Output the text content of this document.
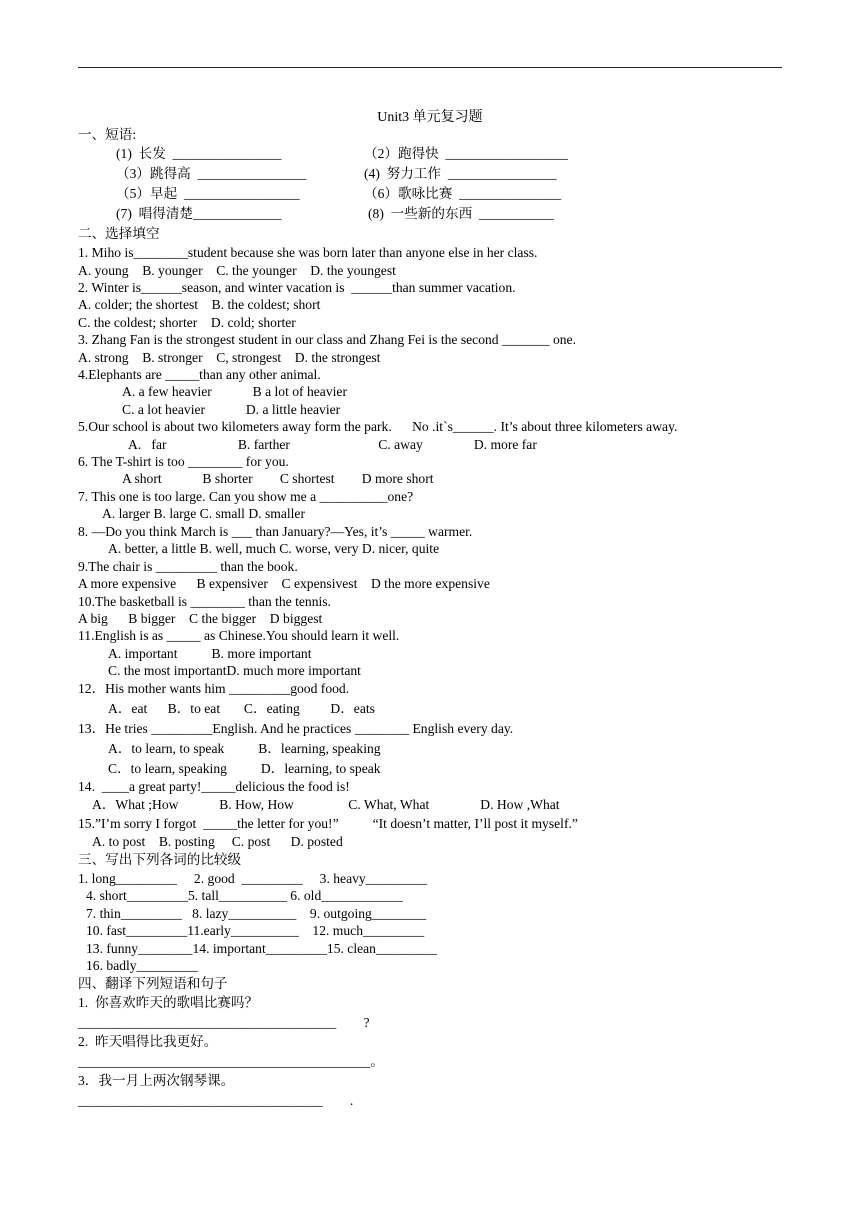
Unit3 单元复习题
一、短语:
(1)  长发  ________________	（2）跑得快  __________________
（3）跳得高  ________________	(4)  努力工作  ________________
（5）早起  _________________	（6）歌咏比赛  _______________
(7)  唱得清楚_____________	(8)  一些新的东西  ___________
二、选择填空
1. Miho is________student because she was born later than anyone else in her class.
A. young    B. younger    C. the younger    D. the youngest
2. Winter is______season, and winter vacation is  ______than summer vacation.
A. colder; the shortest    B. the coldest; short
C. the coldest; shorter    D. cold; shorter
3. Zhang Fan is the strongest student in our class and Zhang Fei is the second _______ one.
A. strong    B. stronger    C, strongest    D. the strongest
4.Elephants are _____than any other animal.
A. a few heavier            B a lot of heavier
C. a lot heavier            D. a little heavier
5.Our school is about two kilometers away form the park.      No .it`s______. It’s about three kilometers away.
A.   far                     B. farther                          C. away               D. more far
6. The T-shirt is too ________ for you.
A short            B shorter        C shortest        D more short
7. This one is too large. Can you show me a __________one?
A. larger B. large C. small D. smaller
8. —Do you think March is ___ than January?—Yes, it’s _____ warmer.
A. better, a little B. well, much C. worse, very D. nicer, quite
9.The chair is _________ than the book.
A more expensive      B expensiver    C expensivest    D the more expensive
10.The basketball is ________ than the tennis.
A big      B bigger    C the bigger    D biggest
11.English is as _____ as Chinese.You should learn it well.
A. important          B. more important
C. the most importantD. much more important
12．His mother wants him _________good food.
A．eat      B．to eat       C．eating         D．eats
13．He tries _________English. And he practices ________ English every day.
A．to learn, to speak          B．learning, speaking
C．to learn, speaking          D．learning, to speak
14.  ____a great party!_____delicious the food is!
A．What ;How            B. How, How                C. What, What               D. How ,What
15.”I’m sorry I forgot  _____the letter for you!”          “It doesn’t matter, I’ll post it myself.”
A. to post    B. posting     C. post      D. posted
三、写出下列各词的比较级
1. long_________     2. good  _________     3. heavy_________
4. short_________5. tall__________ 6. old____________
7. thin_________   8. lazy__________    9. outgoing________
10. fast_________11.early__________    12. much_________
13. funny________14. important_________15. clean_________
16. badly_________
四、翻译下列短语和句子
1.  你喜欢昨天的歌唱比赛吗？
______________________________________        ?
2.  昨天唱得比我更好。
___________________________________________。
3．我一月上两次钢琴课。
____________________________________        .
